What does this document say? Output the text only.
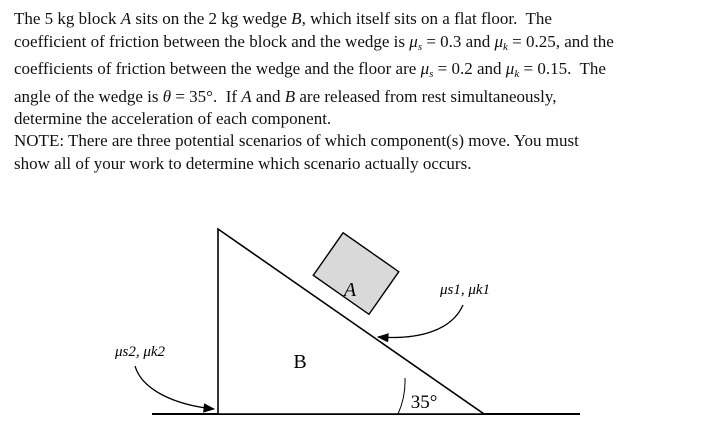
The 5 kg block A sits on the 2 kg wedge B, which itself sits on a flat floor.  The
coefficient of friction between the block and the wedge is $\mu_s = 0.3$ and $\mu_k = 0.25$, and the
coefficients of friction between the wedge and the floor are $\mu_s = 0.2$ and $\mu_k = 0.15$.  The
angle of the wedge is θ = 35°.  If A and B are released from rest simultaneously,
determine the acceleration of each component.
NOTE: There are three potential scenarios of which component(s) move. You must
show all of your work to determine which scenario actually occurs.
A
B
35°
μs1, μk1
μs2, μk2
